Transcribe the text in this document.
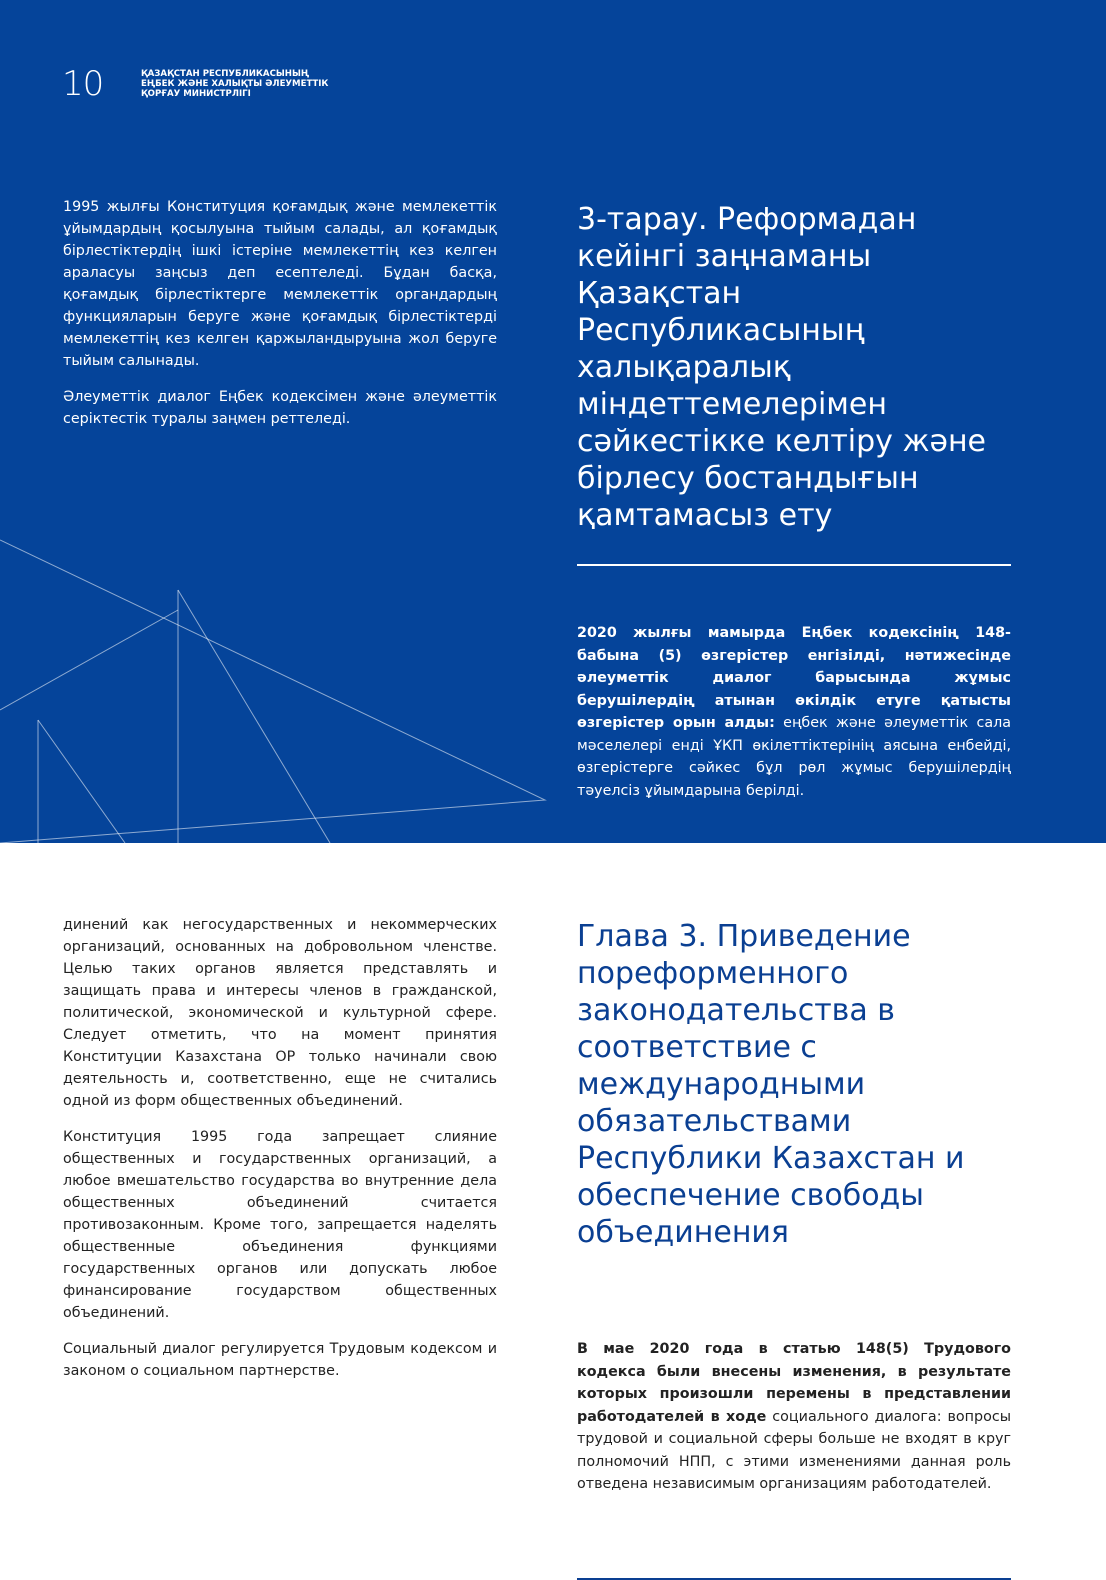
10	ҚАЗАҚСТАН РЕСПУБЛИКАСЫНЫҢ
ЕҢБЕК ЖӘНЕ ХАЛЫҚТЫ ӘЛЕУМЕТТІК
ҚОРҒАУ МИНИСТРЛІГІ

1995 жылғы Конституция қоғамдық және мемлекеттік ұйымдардың қосылуына тыйым салады, ал қоғамдық бірлестіктердің ішкі істеріне мемлекеттің кез келген араласуы заңсыз деп есептеледі. Бұдан басқа, қоғамдық бірлестіктерге мемлекеттік органдардың функцияларын беруге және қоғамдық бірлестіктерді мемлекеттің кез келген қаржыландыруына жол беруге тыйым салынады.

Әлеуметтік диалог Еңбек кодексімен және әлеуметтік серіктестік туралы заңмен реттеледі.

3-тарау. Реформадан кейінгі заңнаманы Қазақстан Республикасының халықаралық міндеттемелерімен сәйкестікке келтіру және бірлесу бостандығын қамтамасыз ету

2020 жылғы мамырда Еңбек кодексінің 148-бабына (5) өзгерістер енгізілді, нәтижесінде әлеуметтік диалог барысында жұмыс берушілердің атынан өкілдік етуге қатысты өзгерістер орын алды: еңбек және әлеуметтік сала мәселелері енді ҰКП өкілеттіктерінің аясына енбейді, өзгерістерге сәйкес бұл рөл жұмыс берушілердің тәуелсіз ұйымдарына берілді.

динений как негосударственных и некоммерческих организаций, основанных на добровольном членстве. Целью таких органов является представлять и защищать права и интересы членов в гражданской, политической, экономической и культурной сфере. Следует отметить, что на момент принятия Конституции Казахстана ОР только начинали свою деятельность и, соответственно, еще не считались одной из форм общественных объединений.

Конституция 1995 года запрещает слияние общественных и государственных организаций, а любое вмешательство государства во внутренние дела общественных объединений считается противозаконным. Кроме того, запрещается наделять общественные объединения функциями государственных органов или допускать любое финансирование государством общественных объединений.

Социальный диалог регулируется Трудовым кодексом и законом о социальном партнерстве.

Глава 3. Приведение пореформенного законодательства в соответствие с международными обязательствами Республики Казахстан и обеспечение свободы объединения

В мае 2020 года в статью 148(5) Трудового кодекса были внесены изменения, в результате которых произошли перемены в представлении работодателей в ходе социального диалога: вопросы трудовой и социальной сферы больше не входят в круг полномочий НПП, с этими изменениями данная роль отведена независимым организациям работодателей.
